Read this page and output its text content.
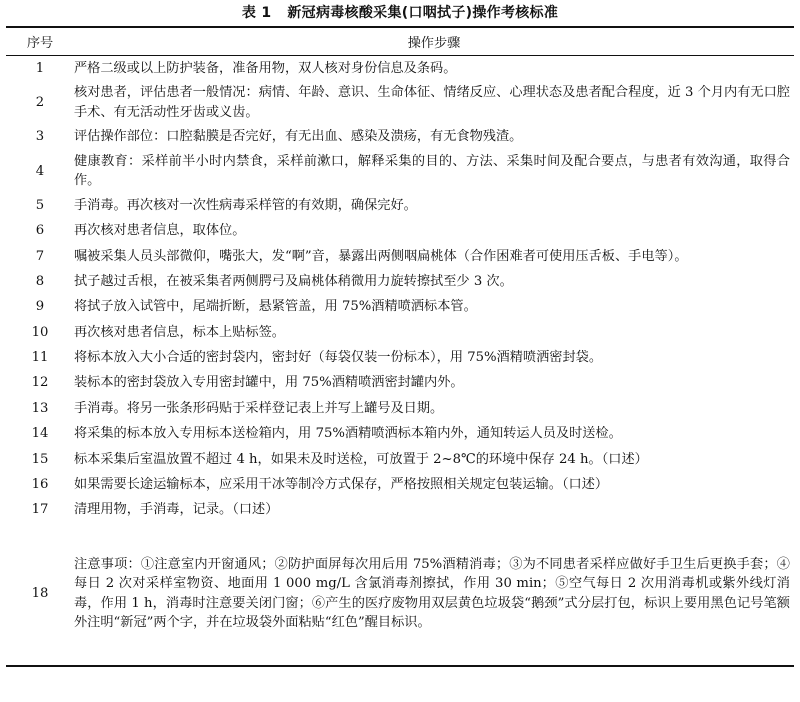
表 1 新冠病毒核酸采集(口咽拭子)操作考核标准
序号	操作步骤
1	严格二级或以上防护装备，准备用物，双人核对身份信息及条码。
2	核对患者，评估患者一般情况：病情、年龄、意识、生命体征、情绪反应、心理状态及患者配合程度，近 3 个月内有无口腔手术、有无活动性牙齿或义齿。
3	评估操作部位：口腔黏膜是否完好，有无出血、感染及溃疡，有无食物残渣。
4	健康教育：采样前半小时内禁食，采样前漱口，解释采集的目的、方法、采集时间及配合要点，与患者有效沟通，取得合作。
5	手消毒。再次核对一次性病毒采样管的有效期，确保完好。
6	再次核对患者信息，取体位。
7	嘱被采集人员头部微仰，嘴张大，发“啊”音，暴露出两侧咽扁桃体（合作困难者可使用压舌板、手电等）。
8	拭子越过舌根，在被采集者两侧腭弓及扁桃体稍微用力旋转擦拭至少 3 次。
9	将拭子放入试管中，尾端折断，悬紧管盖，用 75%酒精喷洒标本管。
10	再次核对患者信息，标本上贴标签。
11	将标本放入大小合适的密封袋内，密封好（每袋仅装一份标本），用 75%酒精喷洒密封袋。
12	装标本的密封袋放入专用密封罐中，用 75%酒精喷洒密封罐内外。
13	手消毒。将另一张条形码贴于采样登记表上并写上罐号及日期。
14	将采集的标本放入专用标本送检箱内，用 75%酒精喷洒标本箱内外，通知转运人员及时送检。
15	标本采集后室温放置不超过 4 h，如果未及时送检，可放置于 2~8℃的环境中保存 24 h。（口述）
16	如果需要长途运输标本，应采用干冰等制冷方式保存，严格按照相关规定包装运输。（口述）
17	清理用物，手消毒，记录。（口述）
18	注意事项：①注意室内开窗通风；②防护面屏每次用后用 75%酒精消毒；③为不同患者采样应做好手卫生后更换手套；④每日 2 次对采样室物资、地面用 1 000 mg/L 含氯消毒剂擦拭，作用 30 min；⑤空气每日 2 次用消毒机或紫外线灯消毒，作用 1 h，消毒时注意要关闭门窗；⑥产生的医疗废物用双层黄色垃圾袋“鹅颈”式分层打包，标识上要用黑色记号笔额外注明“新冠”两个字，并在垃圾袋外面粘贴“红色”醒目标识。
